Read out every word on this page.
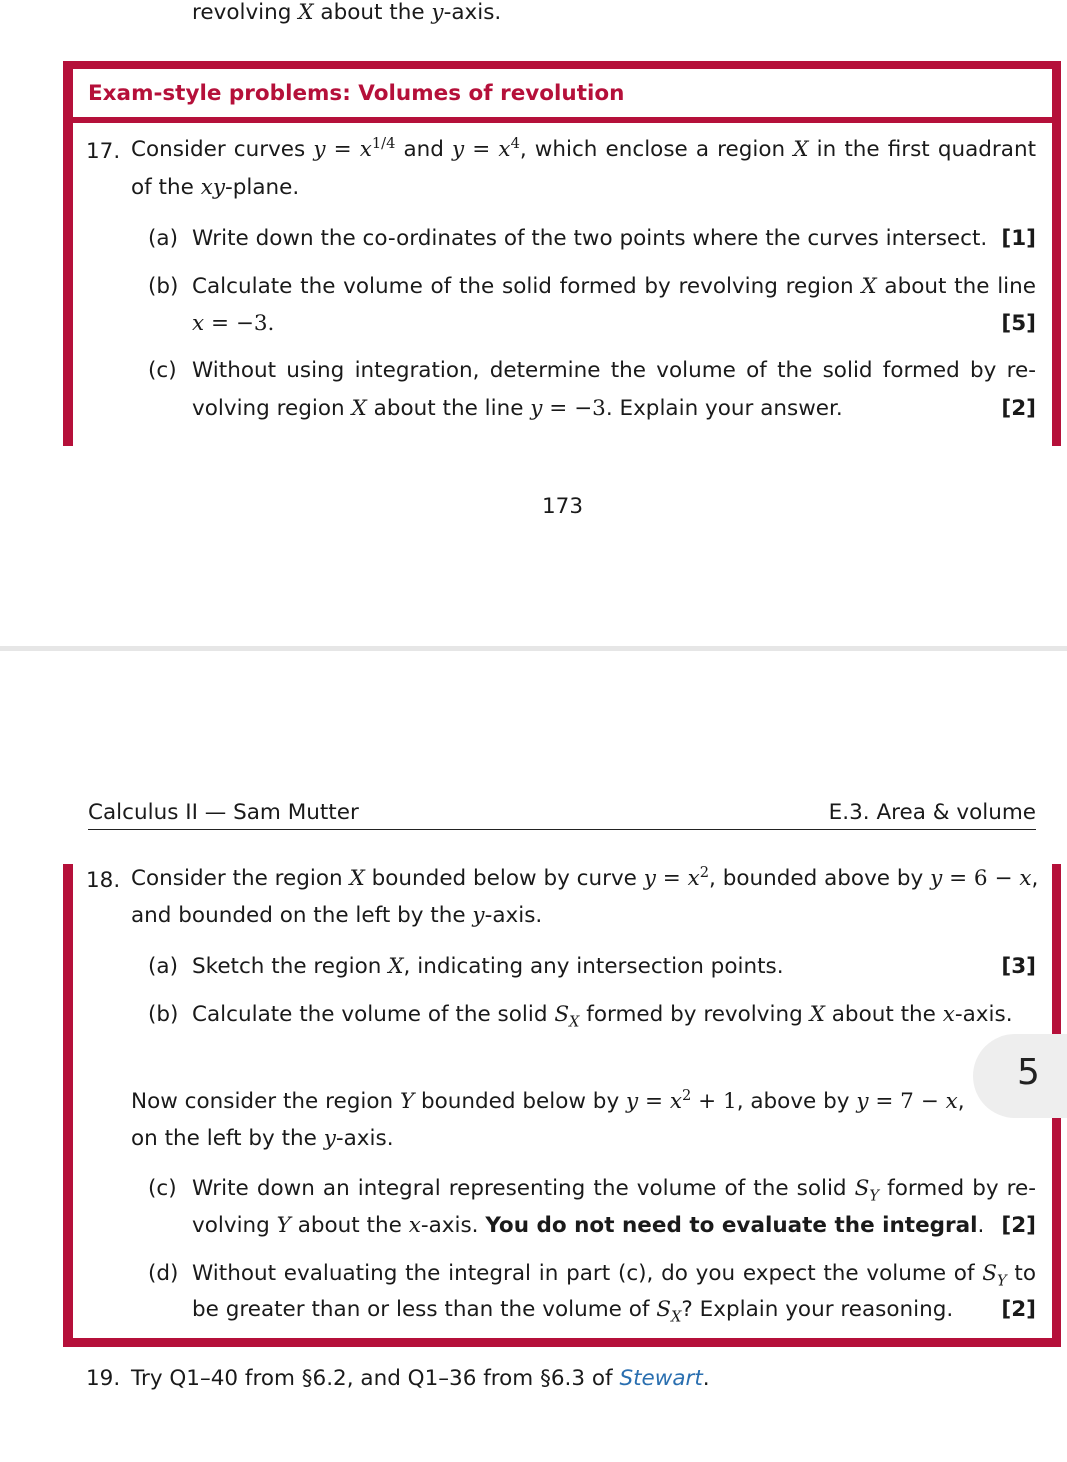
revolving X about the y-axis.
Exam-style problems: Volumes of revolution
17. Consider curves $y = x^{1/4}$ and $y = x^4$, which enclose a region X in the first quadrant
of the xy-plane.
(a) Write down the co-ordinates of the two points where the curves intersect. [1]
(b) Calculate the volume of the solid formed by revolving region X about the line
x = −3.	[5]
(c) Without using integration, determine the volume of the solid formed by re-
volving region X about the line y = −3. Explain your answer.	[2]
173
Calculus II — Sam Mutter	E.3. Area & volume
18. Consider the region X bounded below by curve $y = x^2$, bounded above by y = 6 − x,
and bounded on the left by the y-axis.
(a) Sketch the region X, indicating any intersection points.	[3]
(b) Calculate the volume of the solid $S_X$ formed by revolving X about the x-axis.
Now consider the region Y bounded below by $y = x^2 + 1$, above by y = 7 − x,
on the left by the y-axis.
(c) Write down an integral representing the volume of the solid $S_Y$ formed by re-
volving Y about the x-axis. You do not need to evaluate the integral. [2]
(d) Without evaluating the integral in part (c), do you expect the volume of $S_Y$ to
be greater than or less than the volume of $S_X$? Explain your reasoning. [2]
19. Try Q1–40 from §6.2, and Q1–36 from §6.3 of Stewart.
5
